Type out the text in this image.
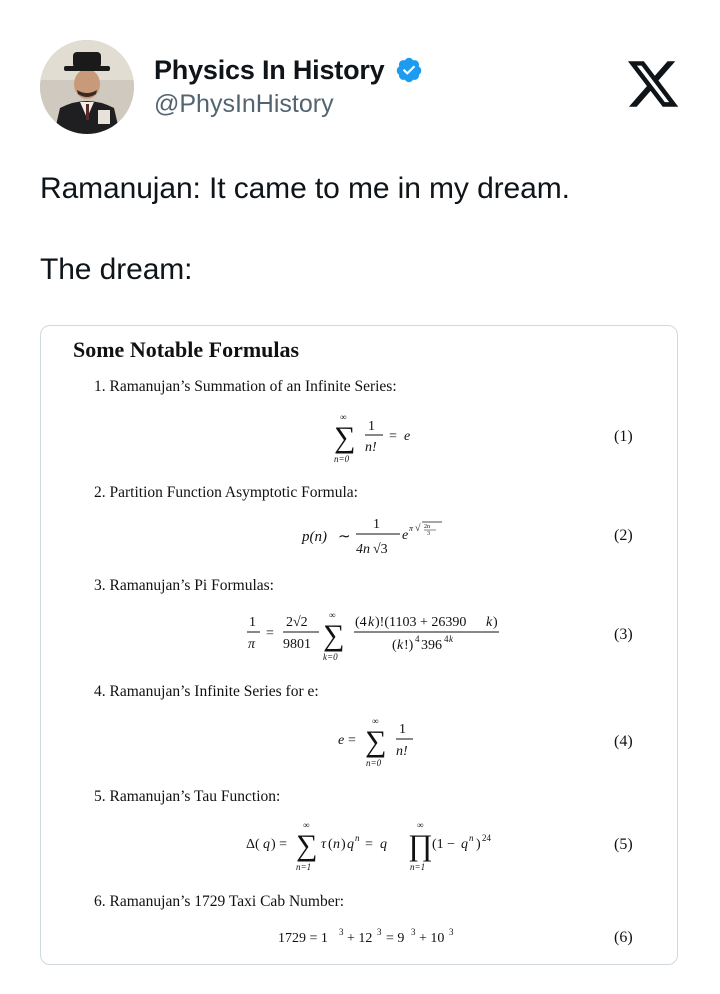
Physics In History
@PhysInHistory
Ramanujan: It came to me in my dream.
The dream:
Some Notable Formulas
1. Ramanujan’s Summation of an Infinite Series:
∞
∑
n=0
1
n!
= e	(1)
2. Partition Function Asymptotic Formula:
p(n) ∼
1
4n √3
e π √ 2n
3	(2)
3. Ramanujan’s Pi Formulas:
1
π
=
2√2
9801
∞
∑
k=0
(4 k )!(1103 + 26390 k )
( k !) 4 396 4 k	(3)
4. Ramanujan’s Infinite Series for e:
e =
∞
∑
n=0
1
n!
(4)
5. Ramanujan’s Tau Function:
Δ( q ) =
∞
∑
n=1
τ ( n ) q n = q
∞
∏
n=1
(1 − q n ) 24	(5)
6. Ramanujan’s 1729 Taxi Cab Number:
1729 = 1 3 + 12 3 = 9 3 + 10 3	(6)
